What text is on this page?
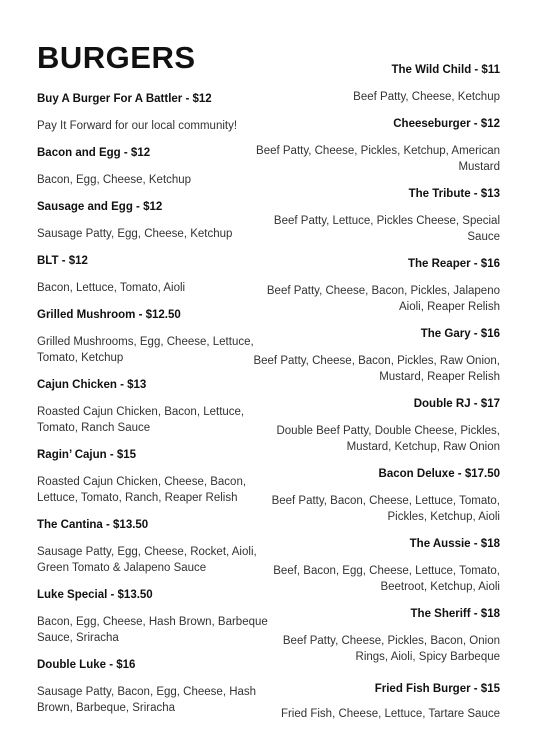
BURGERS
Buy A Burger For A Battler - $12
Pay It Forward for our local community!
Bacon and Egg - $12
Bacon, Egg, Cheese, Ketchup
Sausage and Egg - $12
Sausage Patty, Egg, Cheese, Ketchup
BLT - $12
Bacon, Lettuce, Tomato, Aioli
Grilled Mushroom - $12.50
Grilled Mushrooms, Egg, Cheese, Lettuce, Tomato, Ketchup
Cajun Chicken - $13
Roasted Cajun Chicken, Bacon, Lettuce, Tomato, Ranch Sauce
Ragin’ Cajun - $15
Roasted Cajun Chicken, Cheese, Bacon, Lettuce, Tomato, Ranch, Reaper Relish
The Cantina - $13.50
Sausage Patty, Egg, Cheese, Rocket, Aioli, Green Tomato & Jalapeno Sauce
Luke Special - $13.50
Bacon, Egg, Cheese, Hash Brown, Barbeque Sauce, Sriracha
Double Luke - $16
Sausage Patty, Bacon, Egg, Cheese, Hash Brown, Barbeque, Sriracha
The Wild Child - $11
Beef Patty, Cheese, Ketchup
Cheeseburger - $12
Beef Patty, Cheese, Pickles, Ketchup, American Mustard
The Tribute - $13
Beef Patty, Lettuce, Pickles Cheese, Special Sauce
The Reaper - $16
Beef Patty, Cheese, Bacon, Pickles, Jalapeno Aioli, Reaper Relish
The Gary - $16
Beef Patty, Cheese, Bacon, Pickles, Raw Onion, Mustard, Reaper Relish
Double RJ - $17
Double Beef Patty, Double Cheese, Pickles, Mustard, Ketchup, Raw Onion
Bacon Deluxe - $17.50
Beef Patty, Bacon, Cheese, Lettuce, Tomato, Pickles, Ketchup, Aioli
The Aussie - $18
Beef, Bacon, Egg, Cheese, Lettuce, Tomato, Beetroot, Ketchup, Aioli
The Sheriff - $18
Beef Patty, Cheese, Pickles, Bacon, Onion Rings, Aioli, Spicy Barbeque
Fried Fish Burger - $15
Fried Fish, Cheese, Lettuce, Tartare Sauce
